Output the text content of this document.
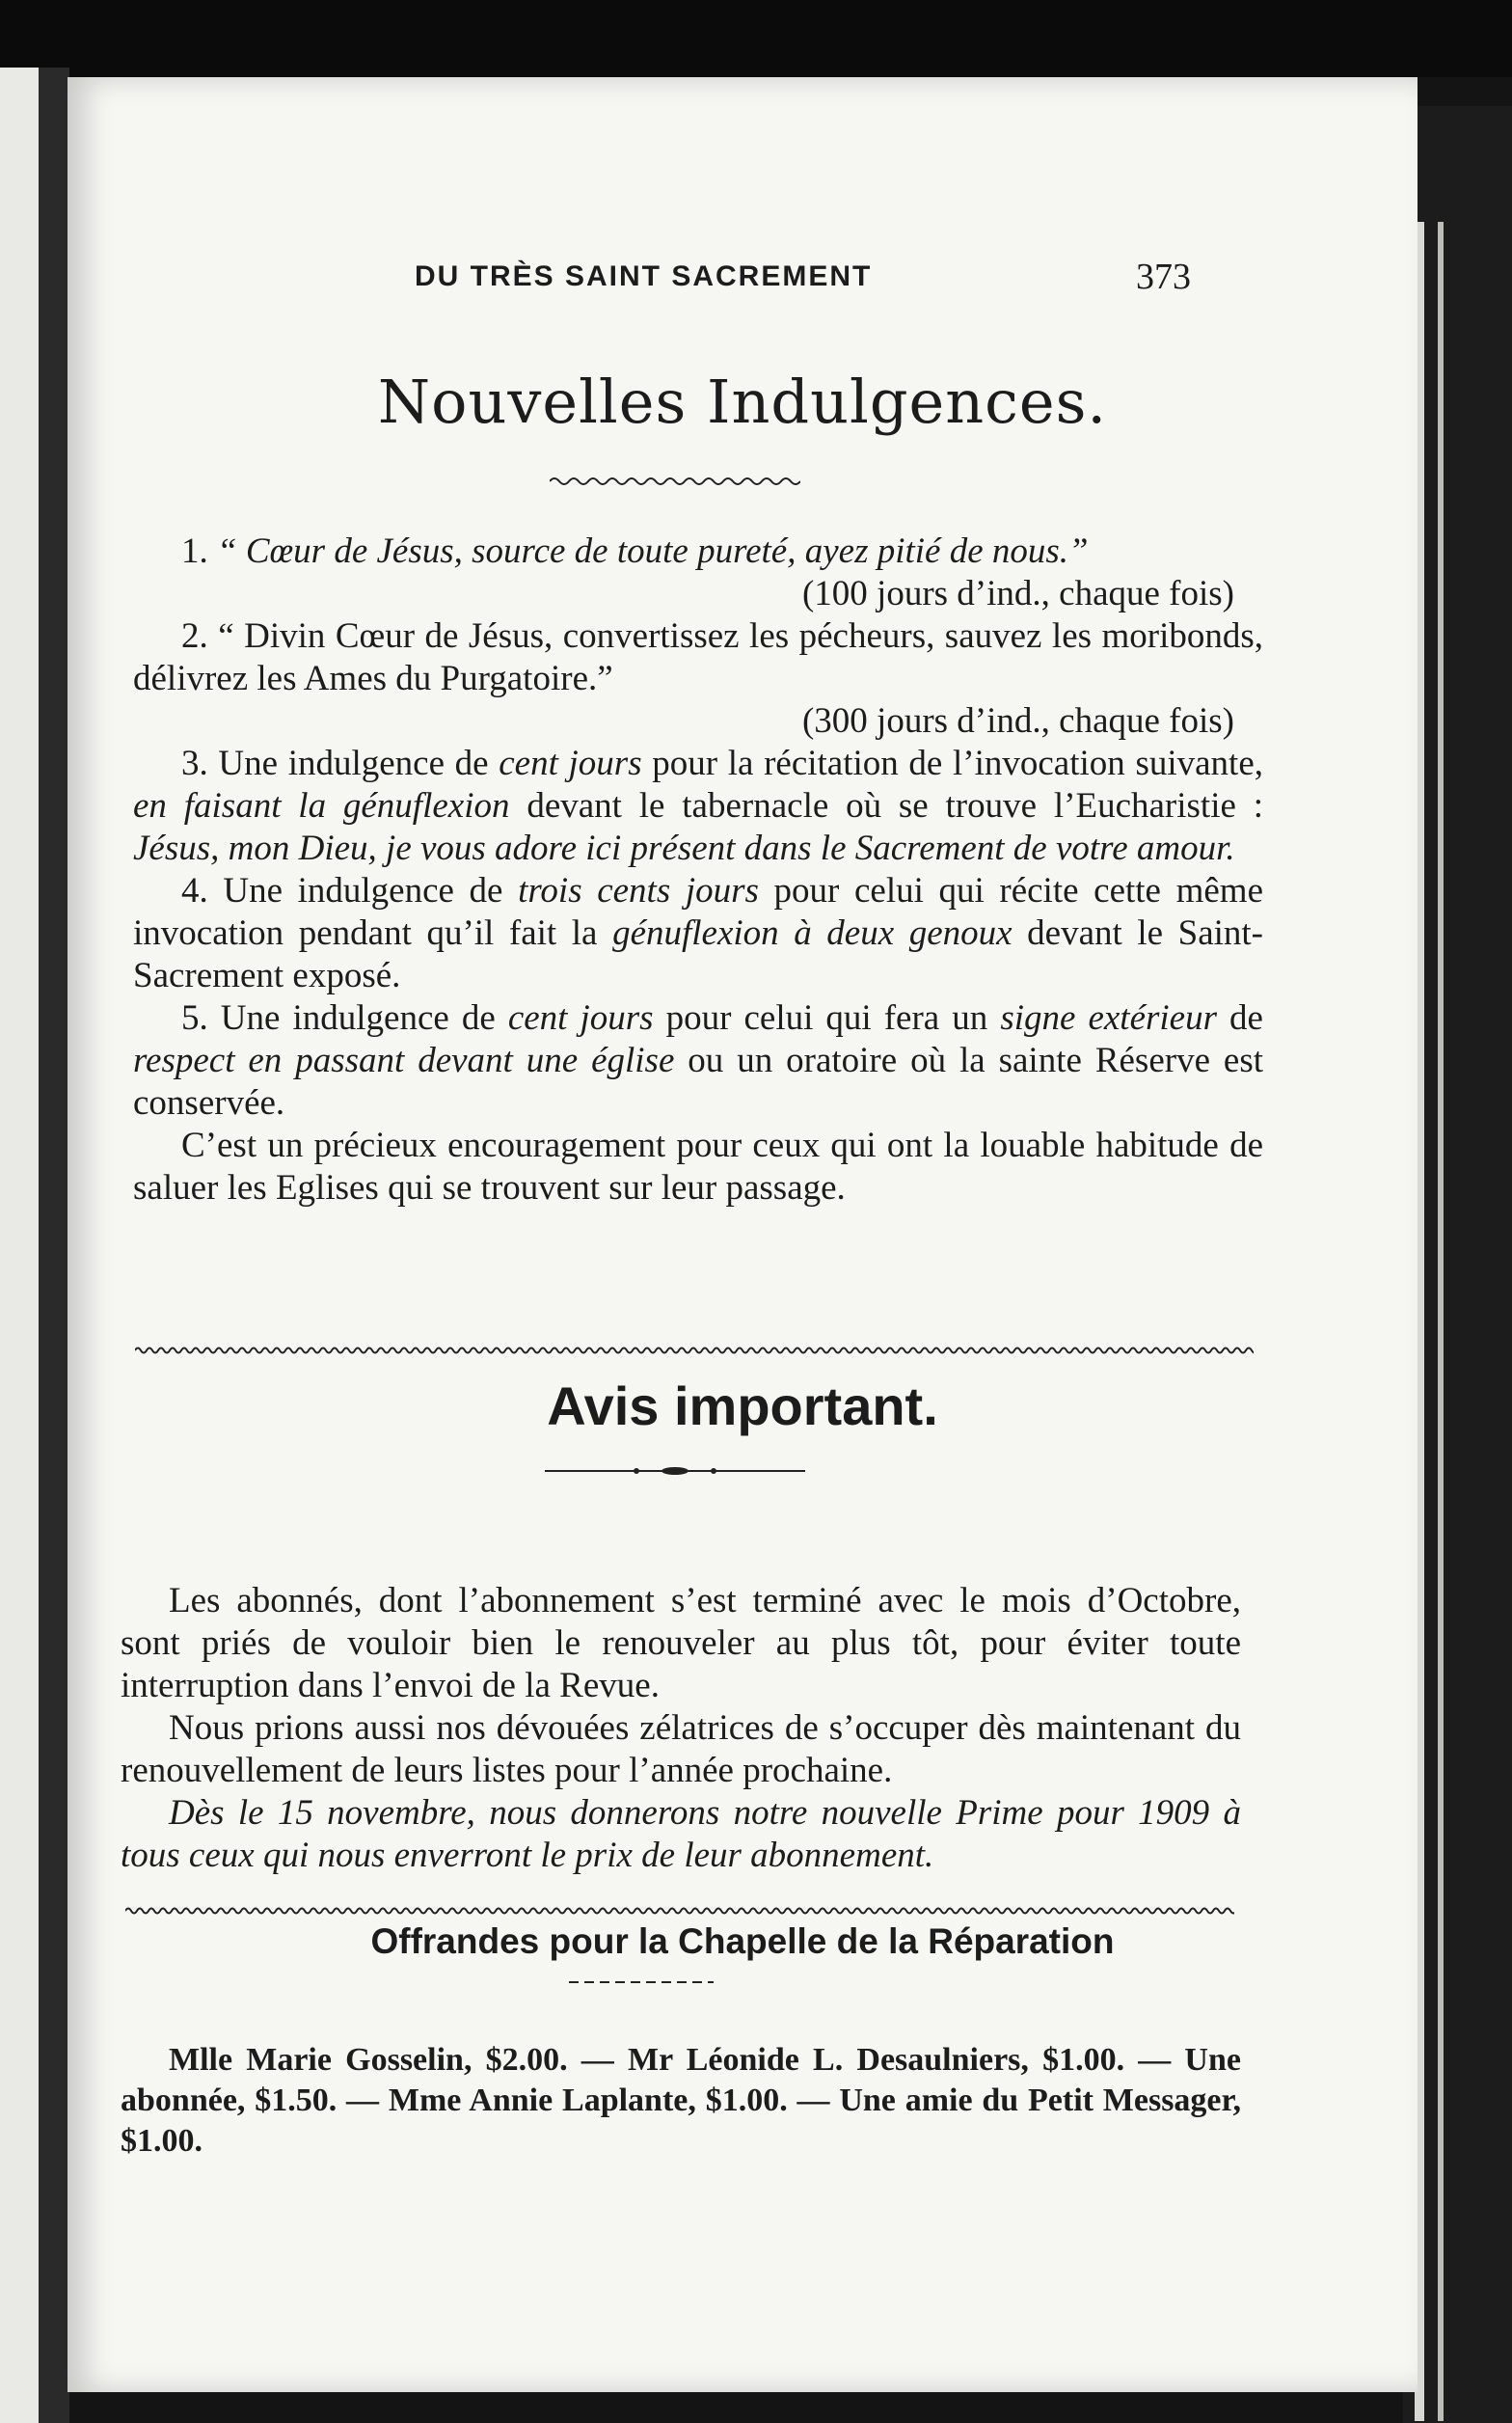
DU TRÈS SAINT SACREMENT	373
Nouvelles Indulgences.

1. “ Cœur de Jésus, source de toute pureté, ayez pitié de nous.”

(100 jours d’ind., chaque fois)

2. “ Divin Cœur de Jésus, convertissez les pécheurs, sauvez les moribonds, délivrez les Ames du Purgatoire.”

(300 jours d’ind., chaque fois)

3. Une indulgence de cent jours pour la récitation de l’invocation suivante, en faisant la génuflexion devant le tabernacle où se trouve l’Eucharistie : Jésus, mon Dieu, je vous adore ici présent dans le Sacrement de votre amour.

4. Une indulgence de trois cents jours pour celui qui récite cette même invocation pendant qu’il fait la génuflexion à deux genoux devant le Saint-Sacrement exposé.

5. Une indulgence de cent jours pour celui qui fera un signe extérieur de respect en passant devant une église ou un oratoire où la sainte Réserve est conservée.

C’est un précieux encouragement pour ceux qui ont la louable habitude de saluer les Eglises qui se trouvent sur leur passage.

Avis important.

Les abonnés, dont l’abonnement s’est terminé avec le mois d’Octobre, sont priés de vouloir bien le renouveler au plus tôt, pour éviter toute interruption dans l’envoi de la Revue.

Nous prions aussi nos dévouées zélatrices de s’occuper dès maintenant du renouvellement de leurs listes pour l’année prochaine.

Dès le 15 novembre, nous donnerons notre nouvelle Prime pour 1909 à tous ceux qui nous enverront le prix de leur abonnement.

Offrandes pour la Chapelle de la Réparation

Mlle Marie Gosselin, $2.00. — Mr Léonide L. Desaulniers, $1.00. — Une abonnée, $1.50. — Mme Annie Laplante, $1.00. — Une amie du Petit Messager, $1.00.
